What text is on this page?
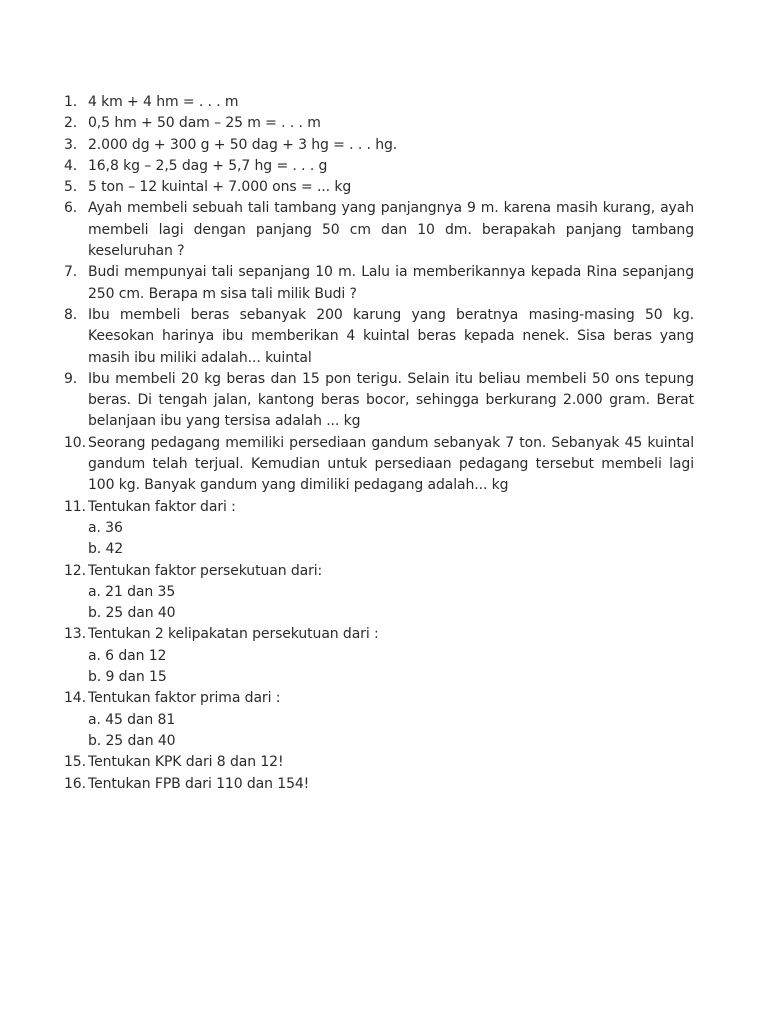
1. 4 km + 4 hm = . . . m
2. 0,5 hm + 50 dam – 25 m = . . . m
3. 2.000 dg + 300 g + 50 dag + 3 hg = . . . hg.
4. 16,8 kg – 2,5 dag + 5,7 hg = . . . g
5. 5 ton – 12 kuintal + 7.000 ons = ... kg
6. Ayah membeli sebuah tali tambang yang panjangnya 9 m. karena masih kurang, ayah membeli lagi dengan panjang 50 cm dan 10 dm. berapakah panjang tambang keseluruhan ?
7. Budi mempunyai tali sepanjang 10 m. Lalu ia memberikannya kepada Rina sepanjang 250 cm. Berapa m sisa tali milik Budi ?
8. Ibu membeli beras sebanyak 200 karung yang beratnya masing-masing 50 kg. Keesokan harinya ibu memberikan 4 kuintal beras kepada nenek. Sisa beras yang masih ibu miliki adalah... kuintal
9. Ibu membeli 20 kg beras dan 15 pon terigu. Selain itu beliau membeli 50 ons tepung beras. Di tengah jalan, kantong beras bocor, sehingga berkurang 2.000 gram. Berat belanjaan ibu yang tersisa adalah ... kg
10. Seorang pedagang memiliki persediaan gandum sebanyak 7 ton. Sebanyak 45 kuintal gandum telah terjual. Kemudian untuk persediaan pedagang tersebut membeli lagi 100 kg. Banyak gandum yang dimiliki pedagang adalah... kg
11. Tentukan faktor dari :
a. 36
b. 42
12. Tentukan faktor persekutuan dari:
a. 21 dan 35
b. 25 dan 40
13. Tentukan 2 kelipakatan persekutuan dari :
a. 6 dan 12
b. 9 dan 15
14. Tentukan faktor prima dari :
a. 45 dan 81
b. 25 dan 40
15. Tentukan KPK dari 8 dan 12!
16. Tentukan FPB dari 110 dan 154!
